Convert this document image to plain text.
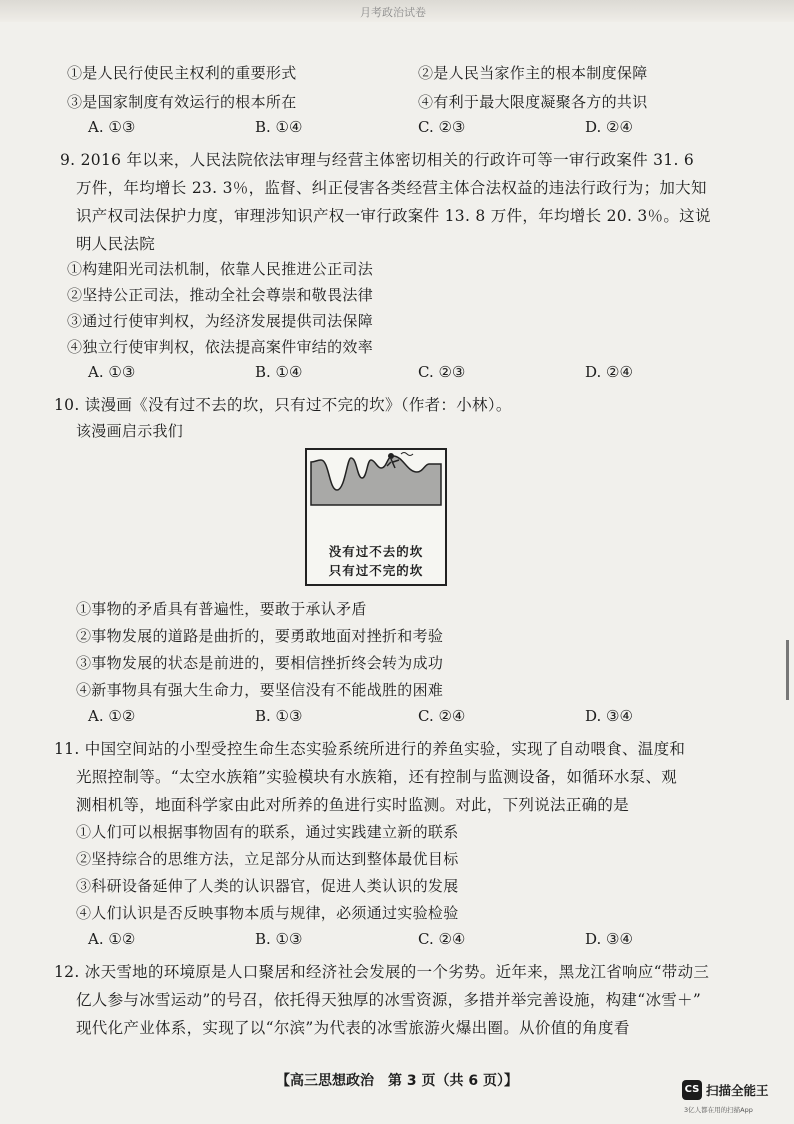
月考政治试卷
①是人民行使民主权利的重要形式	②是人民当家作主的根本制度保障
③是国家制度有效运行的根本所在	④有利于最大限度凝聚各方的共识
A. ①③	B. ①④	C. ②③	D. ②④
9. 2016 年以来，人民法院依法审理与经营主体密切相关的行政许可等一审行政案件 31. 6
万件，年均增长 23. 3％，监督、纠正侵害各类经营主体合法权益的违法行政行为；加大知
识产权司法保护力度，审理涉知识产权一审行政案件 13. 8 万件，年均增长 20. 3％。这说
明人民法院
①构建阳光司法机制，依靠人民推进公正司法
②坚持公正司法，推动全社会尊崇和敬畏法律
③通过行使审判权，为经济发展提供司法保障
④独立行使审判权，依法提高案件审结的效率
A. ①③	B. ①④	C. ②③	D. ②④
10. 读漫画《没有过不去的坎，只有过不完的坎》（作者：小林）。
该漫画启示我们
没有过不去的坎
只有过不完的坎
①事物的矛盾具有普遍性，要敢于承认矛盾
②事物发展的道路是曲折的，要勇敢地面对挫折和考验
③事物发展的状态是前进的，要相信挫折终会转为成功
④新事物具有强大生命力，要坚信没有不能战胜的困难
A. ①②	B. ①③	C. ②④	D. ③④
11. 中国空间站的小型受控生命生态实验系统所进行的养鱼实验，实现了自动喂食、温度和
光照控制等。“太空水族箱”实验模块有水族箱，还有控制与监测设备，如循环水泵、观
测相机等，地面科学家由此对所养的鱼进行实时监测。对此，下列说法正确的是
①人们可以根据事物固有的联系，通过实践建立新的联系
②坚持综合的思维方法，立足部分从而达到整体最优目标
③科研设备延伸了人类的认识器官，促进人类认识的发展
④人们认识是否反映事物本质与规律，必须通过实验检验
A. ①②	B. ①③	C. ②④	D. ③④
12. 冰天雪地的环境原是人口聚居和经济社会发展的一个劣势。近年来，黑龙江省响应“带动三
亿人参与冰雪运动”的号召，依托得天独厚的冰雪资源，多措并举完善设施，构建“冰雪＋”
现代化产业体系，实现了以“尔滨”为代表的冰雪旅游火爆出圈。从价值的角度看
【高三思想政治　第 3 页（共 6 页）】
CS 扫描全能王
3亿人都在用的扫描App
